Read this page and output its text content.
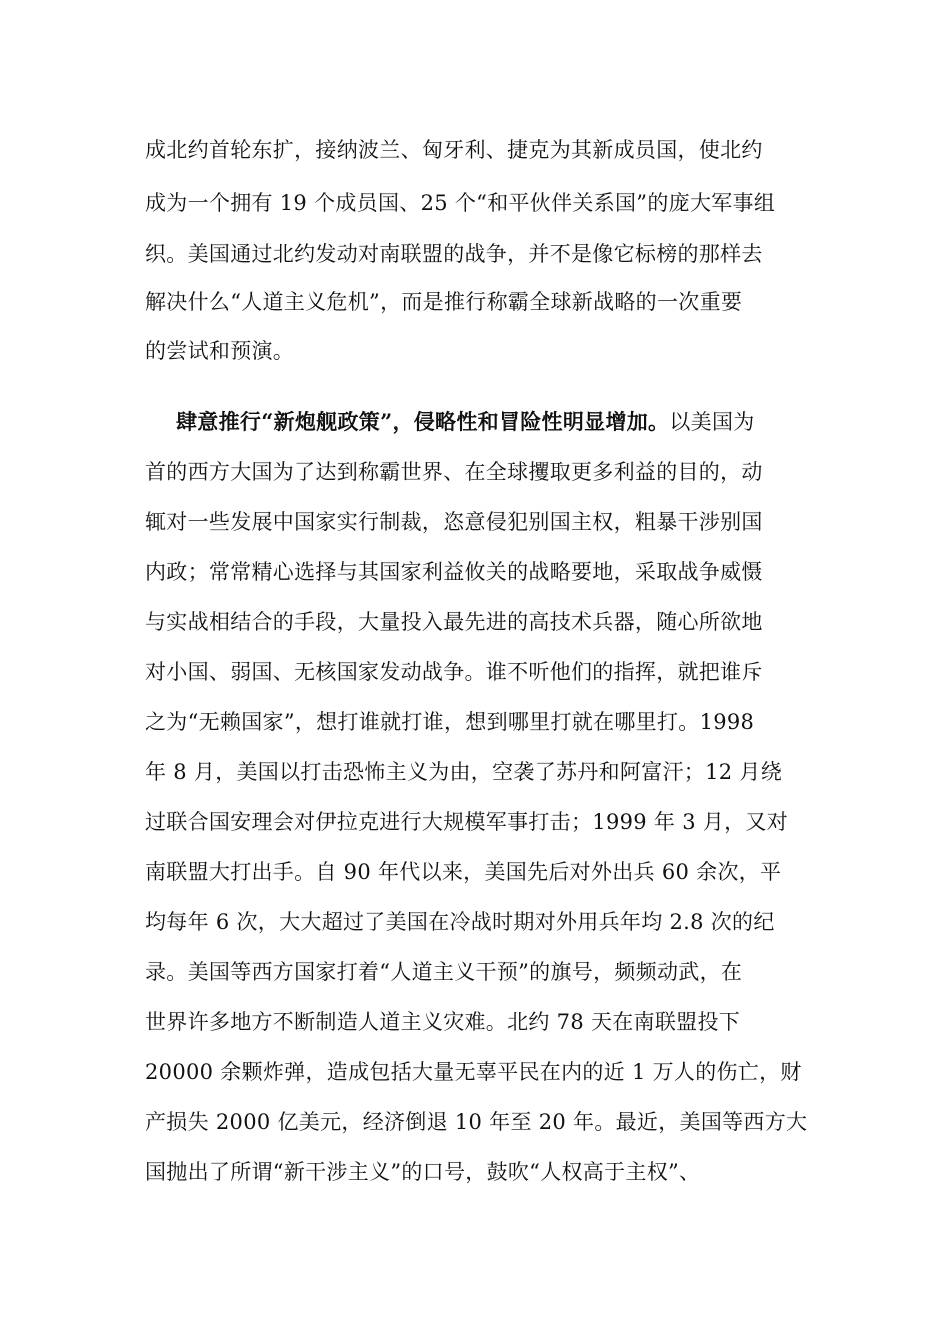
成北约首轮东扩，接纳波兰、匈牙利、捷克为其新成员国，使北约
成为一个拥有 19 个成员国、25 个“和平伙伴关系国”的庞大军事组
织。美国通过北约发动对南联盟的战争，并不是像它标榜的那样去
解决什么“人道主义危机”，而是推行称霸全球新战略的一次重要
的尝试和预演。
肆意推行“新炮舰政策”，侵略性和冒险性明显增加。以美国为
首的西方大国为了达到称霸世界、在全球攫取更多利益的目的，动
辄对一些发展中国家实行制裁，恣意侵犯别国主权，粗暴干涉别国
内政；常常精心选择与其国家利益攸关的战略要地，采取战争威慑
与实战相结合的手段，大量投入最先进的高技术兵器，随心所欲地
对小国、弱国、无核国家发动战争。谁不听他们的指挥，就把谁斥
之为“无赖国家”，想打谁就打谁，想到哪里打就在哪里打。1998
年 8 月，美国以打击恐怖主义为由，空袭了苏丹和阿富汗；12 月绕
过联合国安理会对伊拉克进行大规模军事打击；1999 年 3 月，又对
南联盟大打出手。自 90 年代以来，美国先后对外出兵 60 余次，平
均每年 6 次，大大超过了美国在冷战时期对外用兵年均 2.8 次的纪
录。美国等西方国家打着“人道主义干预”的旗号，频频动武，在
世界许多地方不断制造人道主义灾难。北约 78 天在南联盟投下
20000 余颗炸弹，造成包括大量无辜平民在内的近 1 万人的伤亡，财
产损失 2000 亿美元，经济倒退 10 年至 20 年。最近，美国等西方大
国抛出了所谓“新干涉主义”的口号，鼓吹“人权高于主权”、
